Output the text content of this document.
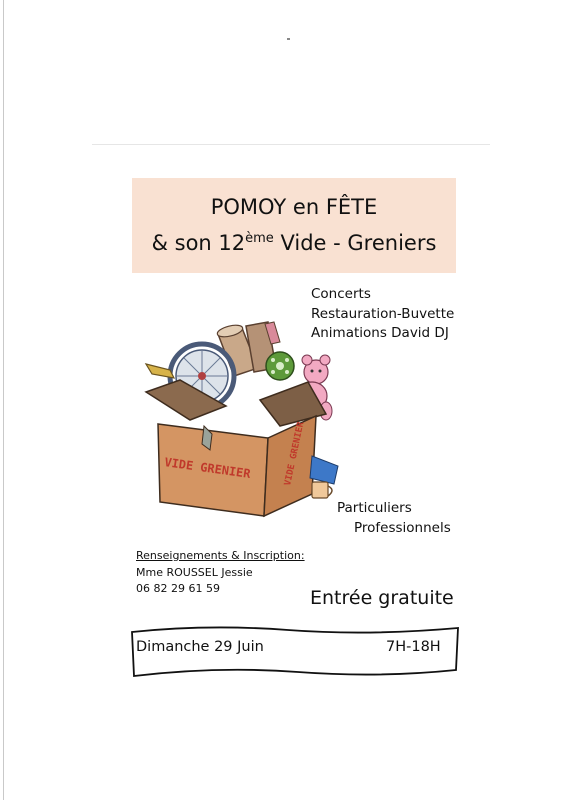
POMOY en FÊTE
& son 12ème Vide - Greniers
Concerts
Restauration-Buvette
Animations David DJ
VIDE GRENIER	VIDE GRENIER
Particuliers
Professionnels
Renseignements & Inscription:
Mme ROUSSEL Jessie
06 82 29 61 59	Entrée gratuite
Dimanche 29 Juin	7H-18H
